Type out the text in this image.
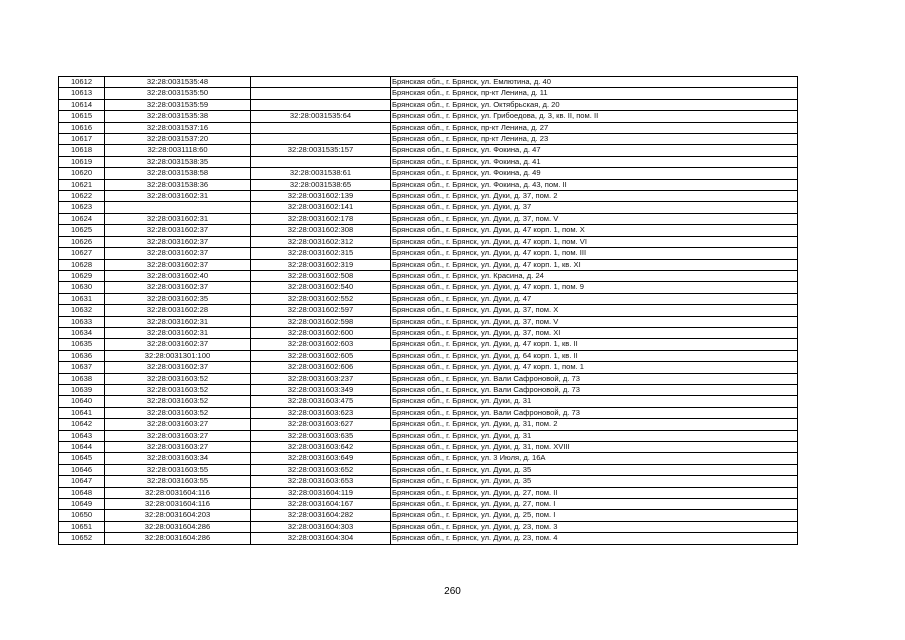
10612	32:28:0031535:48		Брянская обл., г. Брянск, ул. Емлютина, д. 40
10613	32:28:0031535:50		Брянская обл., г. Брянск, пр-кт Ленина, д. 11
10614	32:28:0031535:59		Брянская обл., г. Брянск, ул. Октябрьская, д. 20
10615	32:28:0031535:38	32:28:0031535:64	Брянская обл., г. Брянск, ул. Грибоедова, д. 3, кв. II, пом. II
10616	32:28:0031537:16		Брянская обл., г. Брянск, пр-кт Ленина, д. 27
10617	32:28:0031537:20		Брянская обл., г. Брянск, пр-кт Ленина, д. 23
10618	32:28:0031118:60	32:28:0031535:157	Брянская обл., г. Брянск, ул. Фокина, д. 47
10619	32:28:0031538:35		Брянская обл., г. Брянск, ул. Фокина, д. 41
10620	32:28:0031538:58	32:28:0031538:61	Брянская обл., г. Брянск, ул. Фокина, д. 49
10621	32:28:0031538:36	32:28:0031538:65	Брянская обл., г. Брянск, ул. Фокина, д. 43, пом. II
10622	32:28:0031602:31	32:28:0031602:139	Брянская обл., г. Брянск, ул. Дуки, д. 37, пом. 2
10623		32:28:0031602:141	Брянская обл., г. Брянск, ул. Дуки, д. 37
10624	32:28:0031602:31	32:28:0031602:178	Брянская обл., г. Брянск, ул. Дуки, д. 37, пом. V
10625	32:28:0031602:37	32:28:0031602:308	Брянская обл., г. Брянск, ул. Дуки, д. 47 корп. 1, пом. X
10626	32:28:0031602:37	32:28:0031602:312	Брянская обл., г. Брянск, ул. Дуки, д. 47 корп. 1, пом. VI
10627	32:28:0031602:37	32:28:0031602:315	Брянская обл., г. Брянск, ул. Дуки, д. 47 корп. 1, пом. III
10628	32:28:0031602:37	32:28:0031602:319	Брянская обл., г. Брянск, ул. Дуки, д. 47 корп. 1, кв. XI
10629	32:28:0031602:40	32:28:0031602:508	Брянская обл., г. Брянск, ул. Красина, д. 24
10630	32:28:0031602:37	32:28:0031602:540	Брянская обл., г. Брянск, ул. Дуки, д. 47 корп. 1, пом. 9
10631	32:28:0031602:35	32:28:0031602:552	Брянская обл., г. Брянск, ул. Дуки, д. 47
10632	32:28:0031602:28	32:28:0031602:597	Брянская обл., г. Брянск, ул. Дуки, д. 37, пом. X
10633	32:28:0031602:31	32:28:0031602:598	Брянская обл., г. Брянск, ул. Дуки, д. 37, пом. V
10634	32:28:0031602:31	32:28:0031602:600	Брянская обл., г. Брянск, ул. Дуки, д. 37, пом. XI
10635	32:28:0031602:37	32:28:0031602:603	Брянская обл., г. Брянск, ул. Дуки, д. 47 корп. 1, кв. II
10636	32:28:0031301:100	32:28:0031602:605	Брянская обл., г. Брянск, ул. Дуки, д. 64 корп. 1, кв. II
10637	32:28:0031602:37	32:28:0031602:606	Брянская обл., г. Брянск, ул. Дуки, д. 47 корп. 1, пом. 1
10638	32:28:0031603:52	32:28:0031603:237	Брянская обл., г. Брянск, ул. Вали Сафроновой, д. 73
10639	32:28:0031603:52	32:28:0031603:349	Брянская обл., г. Брянск, ул. Вали Сафроновой, д. 73
10640	32:28:0031603:52	32:28:0031603:475	Брянская обл., г. Брянск, ул. Дуки, д. 31
10641	32:28:0031603:52	32:28:0031603:623	Брянская обл., г. Брянск, ул. Вали Сафроновой, д. 73
10642	32:28:0031603:27	32:28:0031603:627	Брянская обл., г. Брянск, ул. Дуки, д. 31, пом. 2
10643	32:28:0031603:27	32:28:0031603:635	Брянская обл., г. Брянск, ул. Дуки, д. 31
10644	32:28:0031603:27	32:28:0031603:642	Брянская обл., г. Брянск, ул. Дуки, д. 31, пом. XVIII
10645	32:28:0031603:34	32:28:0031603:649	Брянская обл., г. Брянск, ул. 3 Июля, д. 16А
10646	32:28:0031603:55	32:28:0031603:652	Брянская обл., г. Брянск, ул. Дуки, д. 35
10647	32:28:0031603:55	32:28:0031603:653	Брянская обл., г. Брянск, ул. Дуки, д. 35
10648	32:28:0031604:116	32:28:0031604:119	Брянская обл., г. Брянск, ул. Дуки, д. 27, пом. II
10649	32:28:0031604:116	32:28:0031604:167	Брянская обл., г. Брянск, ул. Дуки, д. 27, пом. I
10650	32:28:0031604:203	32:28:0031604:282	Брянская обл., г. Брянск, ул. Дуки, д. 25, пом. I
10651	32:28:0031604:286	32:28:0031604:303	Брянская обл., г. Брянск, ул. Дуки, д. 23, пом. 3
10652	32:28:0031604:286	32:28:0031604:304	Брянская обл., г. Брянск, ул. Дуки, д. 23, пом. 4
260
